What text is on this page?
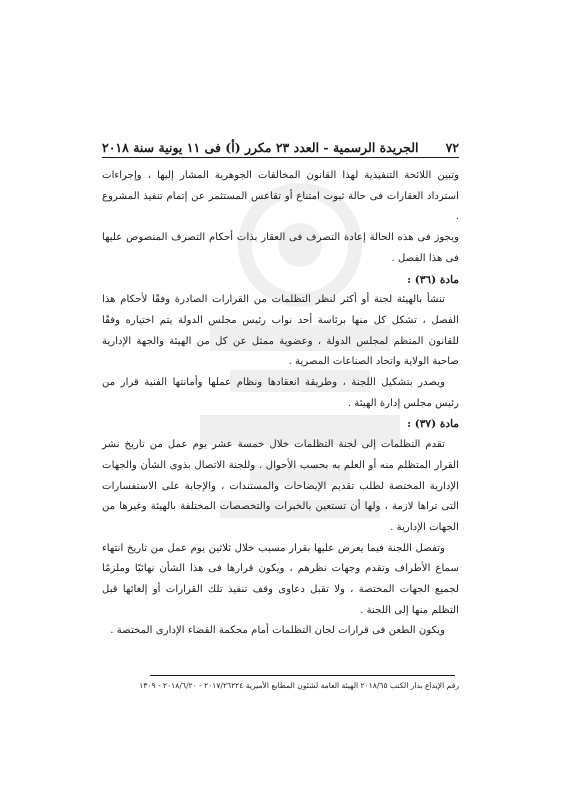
٧٢
الجريدة الرسمية - العدد ٢٣ مكرر (أ) فى ١١ يونية سنة ٢٠١٨

وتبين اللائحة التنفيذية لهذا القانون المخالفات الجوهرية المشار إليها ، وإجراءات استرداد العقارات فى حالة ثبوت امتناع أو تقاعس المستثمر عن إتمام تنفيذ المشروع .

ويجوز فى هذه الحالة إعادة التصرف فى العقار بذات أحكام التصرف المنصوص عليها فى هذا الفصل .

مادة (٣٦) :

تنشأ بالهيئة لجنة أو أكثر لنظر التظلمات من القرارات الصادرة وفقًا لأحكام هذا الفصل ، تشكل كل منها برئاسة أحد نواب رئيس مجلس الدولة يتم اختياره وفقًا للقانون المنظم لمجلس الدولة ، وعضوية ممثل عن كل من الهيئة والجهة الإدارية صاحبة الولاية واتحاد الصناعات المصرية .

ويصدر بتشكيل اللجنة ، وطريقة انعقادها ونظام عملها وأمانتها الفنية قرار من رئيس مجلس إدارة الهيئة .

مادة (٣٧) :

تقدم التظلمات إلى لجنة التظلمات خلال خمسة عشر يوم عمل من تاريخ نشر القرار المتظلم منه أو العلم به بحسب الأحوال . وللجنة الاتصال بذوى الشأن والجهات الإدارية المختصة لطلب تقديم الإيضاحات والمستندات ، والإجابة على الاستفسارات التى تراها لازمة ، ولها أن تستعين بالخبرات والتخصصات المختلفة بالهيئة وغيرها من الجهات الإدارية .

وتفصل اللجنة فيما يعرض عليها بقرار مسبب خلال ثلاثين يوم عمل من تاريخ انتهاء سماع الأطراف وتقدم وجهات نظرهم ، ويكون قرارها فى هذا الشأن نهائيًا وملزمًا لجميع الجهات المختصة ، ولا تقبل دعاوى وقف تنفيذ تلك القرارات أو إلغائها قبل التظلم منها إلى اللجنة .

ويكون الطعن فى قرارات لجان التظلمات أمام محكمة القضاء الإدارى المختصة .

رقم الإيداع بدار الكتب ٢٠١٨/٦٥ الهيئة العامة لشئون المطابع الأميرية ٢٠١٧/٢٦٢٢٤ - ٢٠١٨/٦/٢٠ - ١٣٠٩
